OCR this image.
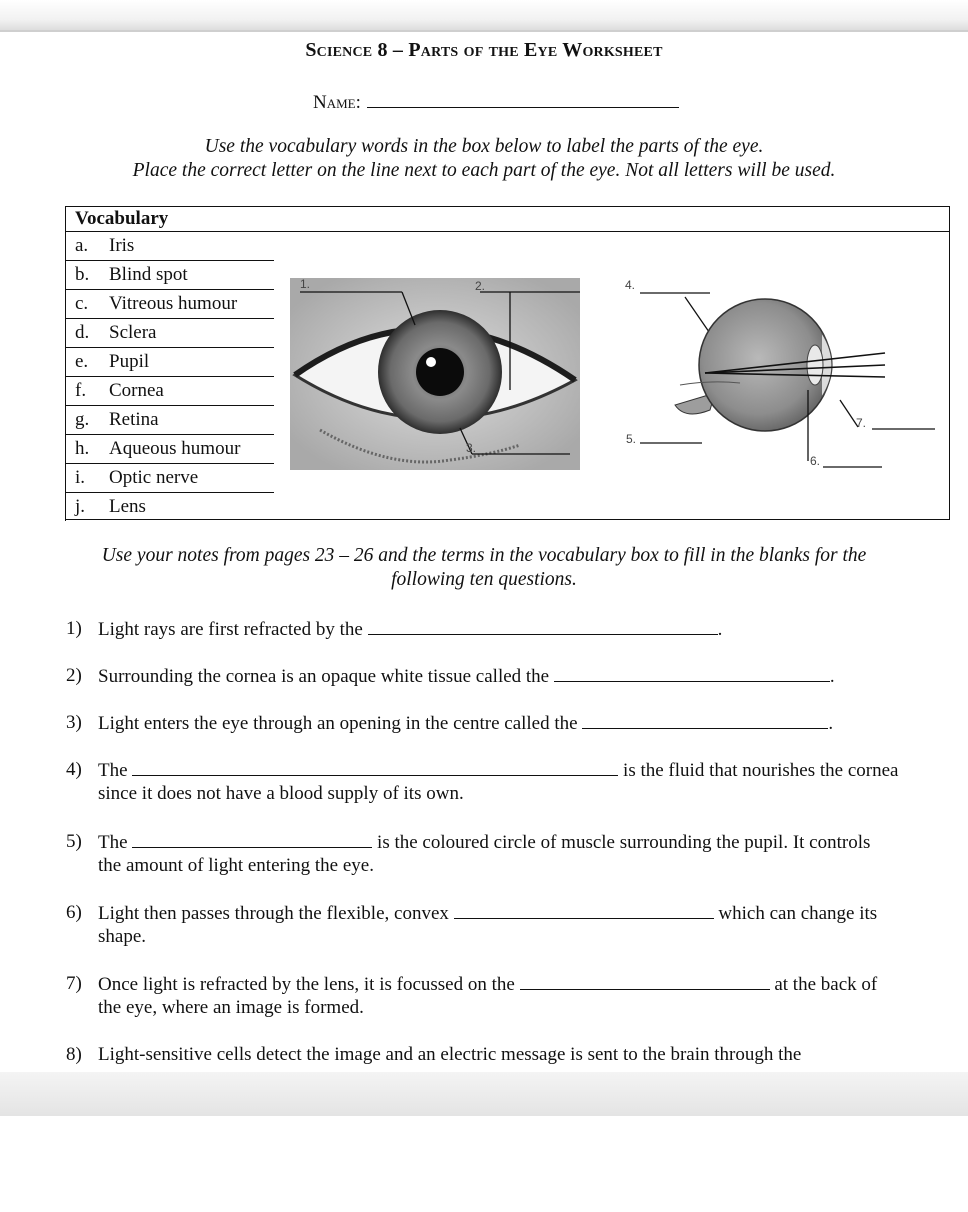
Science 8 – Parts of the Eye Worksheet
Name:
Use the vocabulary words in the box below to label the parts of the eye.
Place the correct letter on the line next to each part of the eye. Not all letters will be used.
Vocabulary
a. Iris
b. Blind spot
c. Vitreous humour
d. Sclera
e. Pupil
f. Cornea
g. Retina
h. Aqueous humour
i. Optic nerve
j. Lens
1.	2.
3.
4.
5.
6.
7.
Use your notes from pages 23 – 26 and the terms in the vocabulary box to fill in the blanks for the
following ten questions.
1) Light rays are first refracted by the	.
2) Surrounding the cornea is an opaque white tissue called the	.
3) Light enters the eye through an opening in the centre called the	.
4) The	is the fluid that nourishes the cornea
since it does not have a blood supply of its own.
5) The	is the coloured circle of muscle surrounding the pupil. It controls
the amount of light entering the eye.
6) Light then passes through the flexible, convex	which can change its
shape.
7) Once light is refracted by the lens, it is focussed on the	at the back of
the eye, where an image is formed.
8) Light-sensitive cells detect the image and an electric message is sent to the brain through the
